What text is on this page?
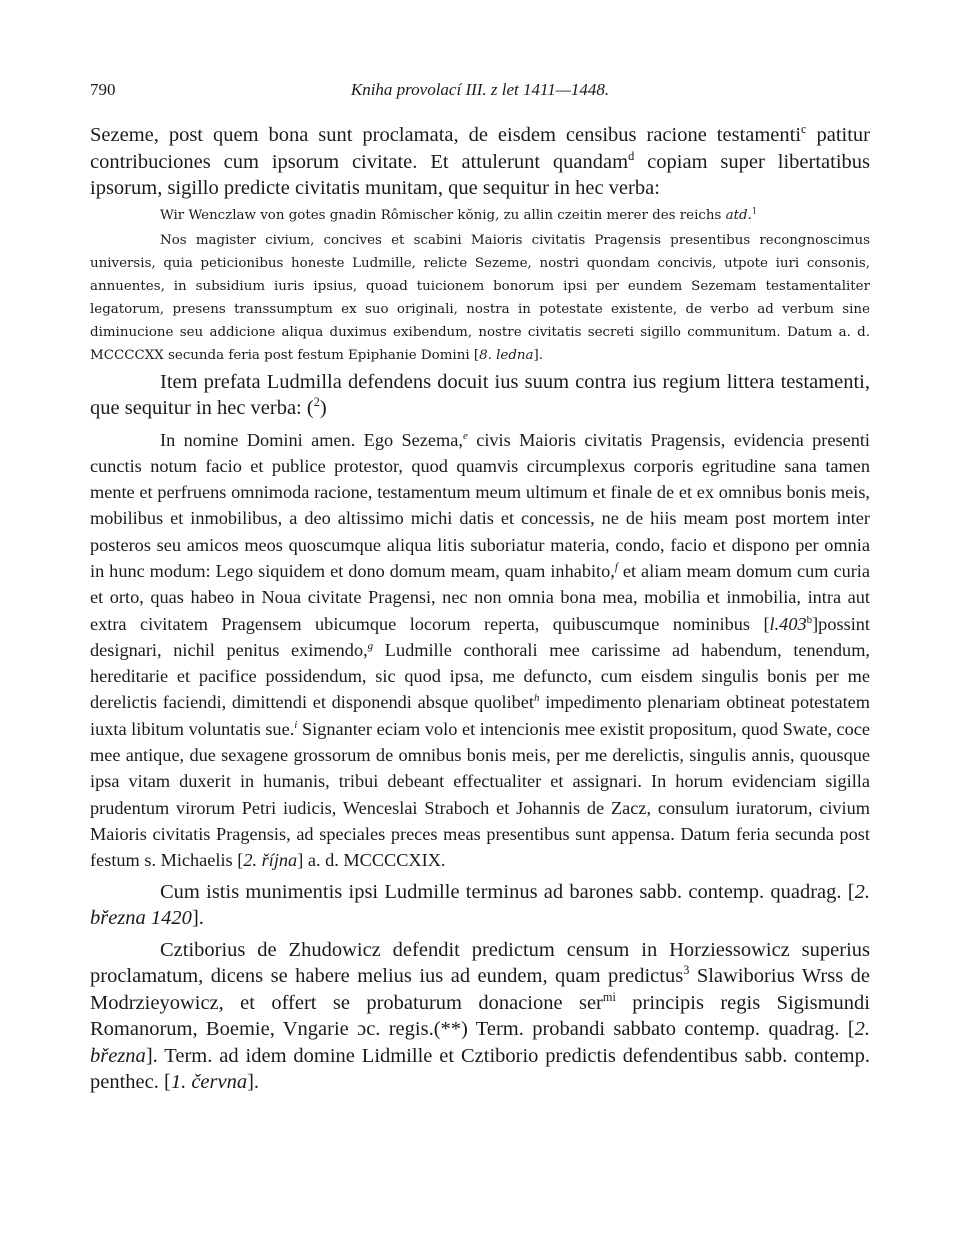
790	Kniha provolací III. z let 1411—1448.

Sezeme, post quem bona sunt proclamata, de eisdem censibus racione testamenti$^c$ patitur contribuciones cum ipsorum civitate. Et attulerunt quandam$^d$ copiam super libertatibus ipsorum, sigillo predicte civitatis munitam, que sequitur in hec verba:

Wir Wenczlaw von gotes gnadin Rômischer kŏnig, zu allin czeitin merer des reichs atd.$^1$

Nos magister civium, concives et scabini Maioris civitatis Pragensis presentibus recongnoscimus universis, quia peticionibus honeste Ludmille, relicte Sezeme, nostri quondam concivis, utpote iuri consonis, annuentes, in subsidium iuris ipsius, quoad tuicionem bonorum ipsi per eundem Sezemam testamentaliter legatorum, presens transsumptum ex suo originali, nostra in potestate existente, de verbo ad verbum sine diminucione seu addicione aliqua duximus exibendum, nostre civitatis secreti sigillo communitum. Datum a. d. MCCCCXX secunda feria post festum Epiphanie Domini [8. ledna].

Item prefata Ludmilla defendens docuit ius suum contra ius regium littera testamenti, que sequitur in hec verba: ($^2$)

In nomine Domini amen. Ego Sezema,$^e$ civis Maioris civitatis Pragensis, evidencia presenti cunctis notum facio et publice protestor, quod quamvis circumplexus corporis egritudine sana tamen mente et perfruens omnimoda racione, testamentum meum ultimum et finale de et ex omnibus bonis meis, mobilibus et inmobilibus, a deo altissimo michi datis et concessis, ne de hiis meam post mortem inter posteros seu amicos meos quoscumque aliqua litis suboriatur materia, condo, facio et dispono per omnia in hunc modum: Lego siquidem et dono domum meam, quam inhabito,$^f$ et aliam meam domum cum curia et orto, quas habeo in Noua civitate Pragensi, nec non omnia bona mea, mobilia et inmobilia, intra aut extra civitatem Pragensem ubicumque locorum reperta, quibuscumque nominibus [l.403$^b$]possint designari, nichil penitus eximendo,$^g$ Ludmille conthorali mee carissime ad habendum, tenendum, hereditarie et pacifice possidendum, sic quod ipsa, me defuncto, cum eisdem singulis bonis per me derelictis faciendi, dimittendi et disponendi absque quolibet$^h$ impedimento plenariam obtineat potestatem iuxta libitum voluntatis sue.$^i$ Signanter eciam volo et intencionis mee existit propositum, quod Swate, coce mee antique, due sexagene grossorum de omnibus bonis meis, per me derelictis, singulis annis, quousque ipsa vitam duxerit in humanis, tribui debeant effectualiter et assignari. In horum evidenciam sigilla prudentum virorum Petri iudicis, Wenceslai Straboch et Johannis de Zacz, consulum iuratorum, civium Maioris civitatis Pragensis, ad speciales preces meas presentibus sunt appensa. Datum feria secunda post festum s. Michaelis [2. října] a. d. MCCCCXIX.

Cum istis munimentis ipsi Ludmille terminus ad barones sabb. contemp. quadrag. [2. března 1420].

Cztiborius de Zhudowicz defendit predictum censum in Horziessowicz superius proclamatum, dicens se habere melius ius ad eundem, quam predictus$^3$ Slawiborius Wrss de Modrzieyowicz, et offert se probaturum donacione ser$^{mi}$ principis regis Sigismundi Romanorum, Boemie, Vngarie ɔc. regis.(**) Term. probandi sabbato contemp. quadrag. [2. března]. Term. ad idem domine Lidmille et Cztiborio predictis defendentibus sabb. contemp. penthec. [1. června].
